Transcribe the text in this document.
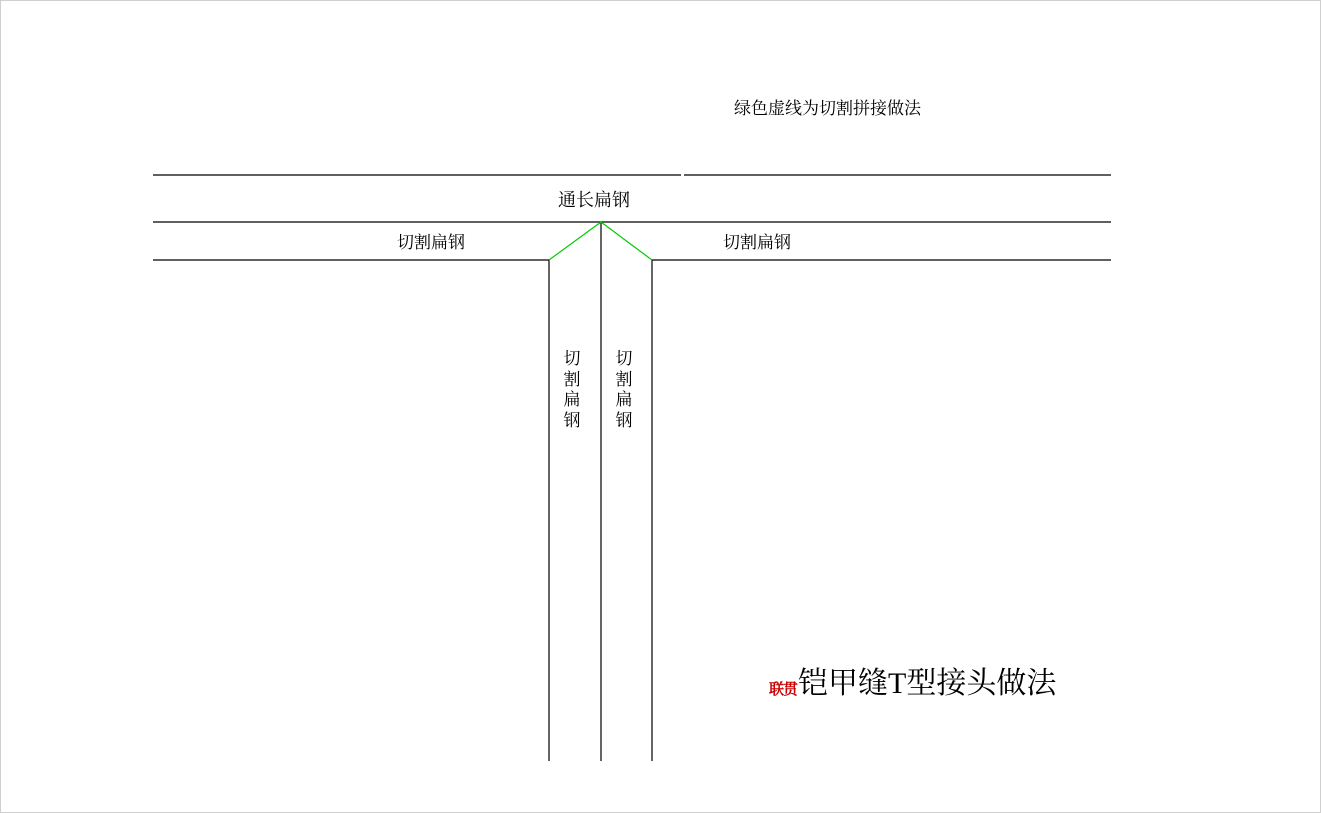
绿色虚线为切割拼接做法
通长扁钢
切割扁钢	切割扁钢
切
割
扁
钢
切
割
扁
钢
联贯 铠甲缝T型接头做法
